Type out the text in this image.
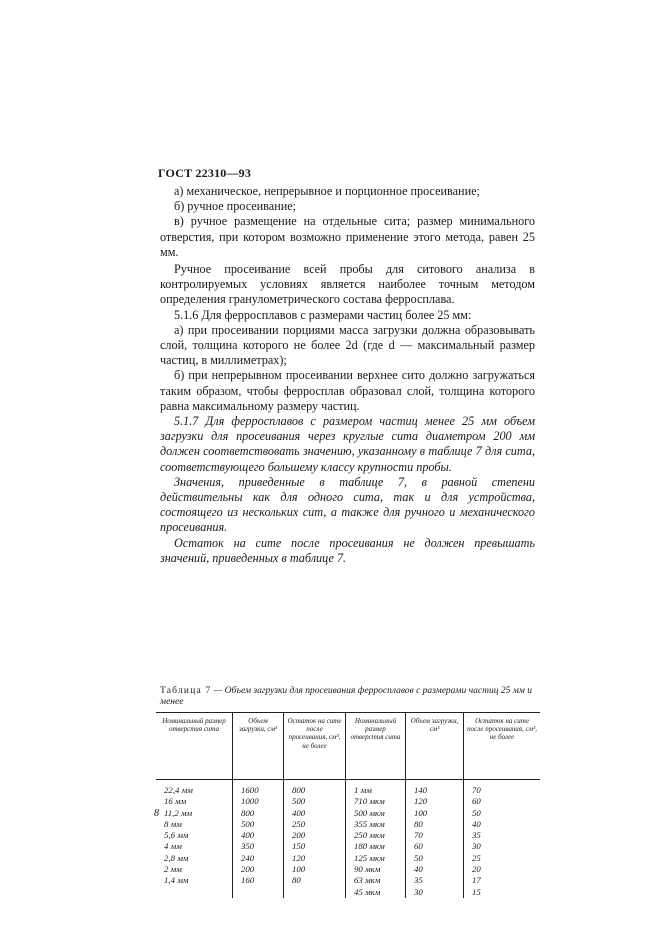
ГОСТ 22310—93

а) механическое, непрерывное и порционное просеивание;

б) ручное просеивание;

в) ручное размещение на отдельные сита; размер минимального отверстия, при котором возможно применение этого метода, равен 25 мм.

Ручное просеивание всей пробы для ситового анализа в контролируемых условиях является наиболее точным методом определения гранулометрического состава ферросплава.

5.1.6 Для ферросплавов с размерами частиц более 25 мм:

а) при просеивании порциями масса загрузки должна образовывать слой, толщина которого не более 2d (где d — максимальный размер частиц, в миллиметрах);

б) при непрерывном просеивании верхнее сито должно загружаться таким образом, чтобы ферросплав образовал слой, толщина которого равна максимальному размеру частиц.

5.1.7 Для ферросплавов с размером частиц менее 25 мм объем загрузки для просеивания через круглые сита диаметром 200 мм должен соответствовать значению, указанному в таблице 7 для сита, соответствующего большему классу крупности пробы.

Значения, приведенные в таблице 7, в равной степени действительны как для одного сита, так и для устройства, состоящего из нескольких сит, а также для ручного и механического просеивания.

Остаток на сите после просеивания не должен превышать значений, приведенных в таблице 7.

Таблица 7 — Объем загрузки для просеивания ферросплавов с размерами частиц 25 мм и менее
Номинальный размер отверстия сита	Объем загрузки, см³	Остаток на сите после просеивания, см³, не более	Номинальный размер отверстия сита	Объем загрузки, см³	Остаток на сите после просеивания, см³, не более
22,4 мм	1600	800	1 мм	140	70
16 мм	1000	500	710 мкм	120	60
11,2 мм	800	400	500 мкм	100	50
8 мм	500	250	355 мкм	80	40
5,6 мм	400	200	250 мкм	70	35
4 мм	350	150	180 мкм	60	30
2,8 мм	240	120	125 мкм	50	25
2 мм	200	100	90 мкм	40	20
1,4 мм	160	80	63 мкм	35	17
			45 мкм	30	15
8
